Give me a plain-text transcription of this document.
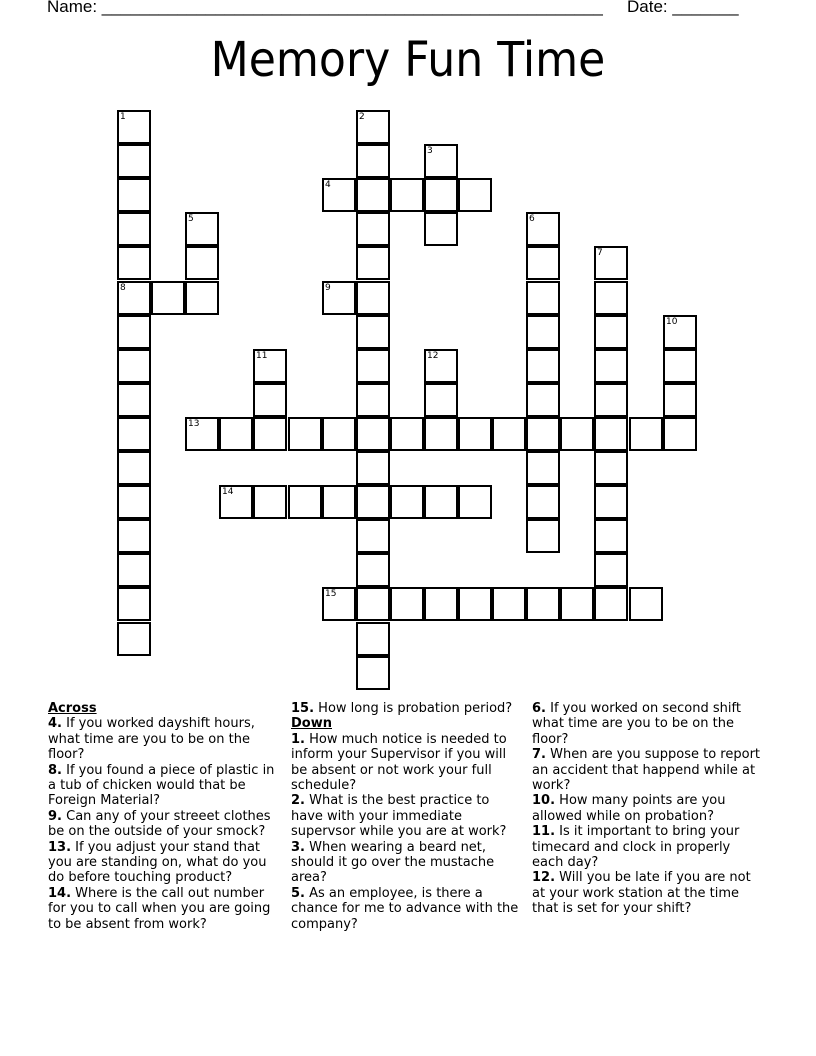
Name: _____________________________________________________ Date: _______
Memory Fun Time
1
8
2
3
4
5	6
7
9
10
11	12
13
14
15
Across
4. If you worked dayshift hours, what time are you to be on the floor?
8. If you found a piece of plastic in a tub of chicken would that be Foreign Material?
9. Can any of your streeet clothes be on the outside of your smock?
13. If you adjust your stand that you are standing on, what do you do before touching product?
14. Where is the call out number for you to call when you are going to be absent from work?
15. How long is probation period?
Down
1. How much notice is needed to inform your Supervisor if you will be absent or not work your full schedule?
2. What is the best practice to have with your immediate supervsor while you are at work?
3. When wearing a beard net, should it go over the mustache area?
5. As an employee, is there a chance for me to advance with the company?
6. If you worked on second shift what time are you to be on the floor?
7. When are you suppose to report an accident that happend while at work?
10. How many points are you allowed while on probation?
11. Is it important to bring your timecard and clock in properly each day?
12. Will you be late if you are not at your work station at the time that is set for your shift?
